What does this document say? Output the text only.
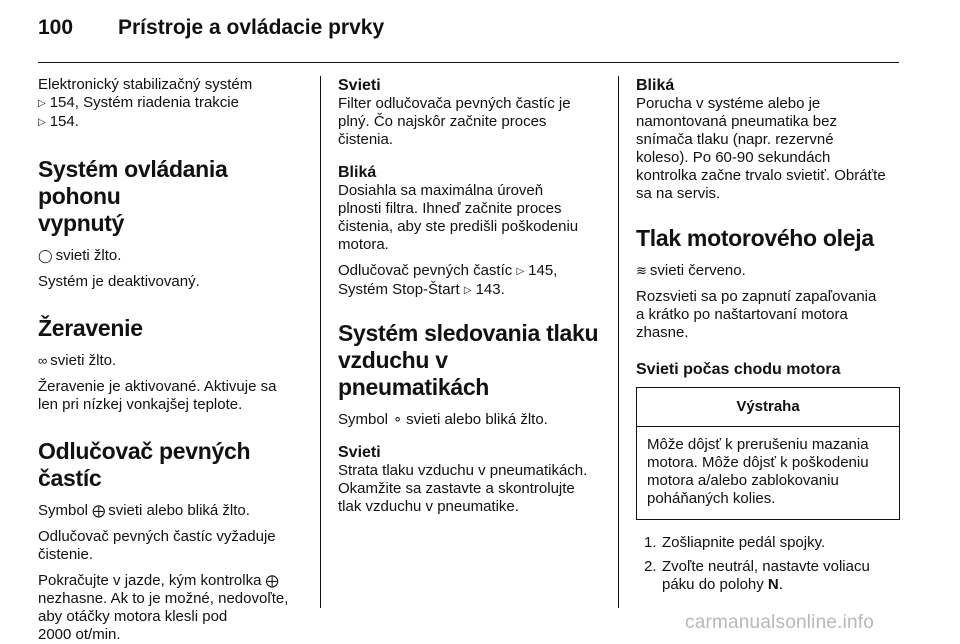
100 Prístroje a ovládacie prvky

Elektronický stabilizačný systém
▷ 154, Systém riadenia trakcie
▷ 154.

Systém ovládania pohonu
vypnutý

◯ svieti žlto.

Systém je deaktivovaný.

Žeravenie

∞ svieti žlto.

Žeravenie je aktivované. Aktivuje sa
len pri nízkej vonkajšej teplote.

Odlučovač pevných častíc

Symbol ⨁ svieti alebo bliká žlto.

Odlučovač pevných častíc vyžaduje
čistenie.

Pokračujte v jazde, kým kontrolka ⨁
nezhasne. Ak to je možné, nedovoľte,
aby otáčky motora klesli pod
2000 ot/min.

Svieti

Filter odlučovača pevných častíc je
plný. Čo najskôr začnite proces
čistenia.

Bliká

Dosiahla sa maximálna úroveň
plnosti filtra. Ihneď začnite proces
čistenia, aby ste predišli poškodeniu
motora.

Odlučovač pevných častíc ▷ 145,
Systém Stop-Štart ▷ 143.

Systém sledovania tlaku
vzduchu v pneumatikách

Symbol ⚬ svieti alebo bliká žlto.

Svieti

Strata tlaku vzduchu v pneumatikách.
Okamžite sa zastavte a skontrolujte
tlak vzduchu v pneumatike.

Bliká

Porucha v systéme alebo je
namontovaná pneumatika bez
snímača tlaku (napr. rezervné
koleso). Po 60-90 sekundách
kontrolka začne trvalo svietiť. Obráťte
sa na servis.

Tlak motorového oleja

≋ svieti červeno.

Rozsvieti sa po zapnutí zapaľovania
a krátko po naštartovaní motora
zhasne.

Svieti počas chodu motora
Výstraha
Môže dôjsť k prerušeniu mazania
motora. Môže dôjsť k poškodeniu
motora a/alebo zablokovaniu
poháňaných kolies.
1. Zošliapnite pedál spojky.
2. Zvoľte neutrál, nastavte voliacu
páku do polohy N.
carmanualsonline.info
